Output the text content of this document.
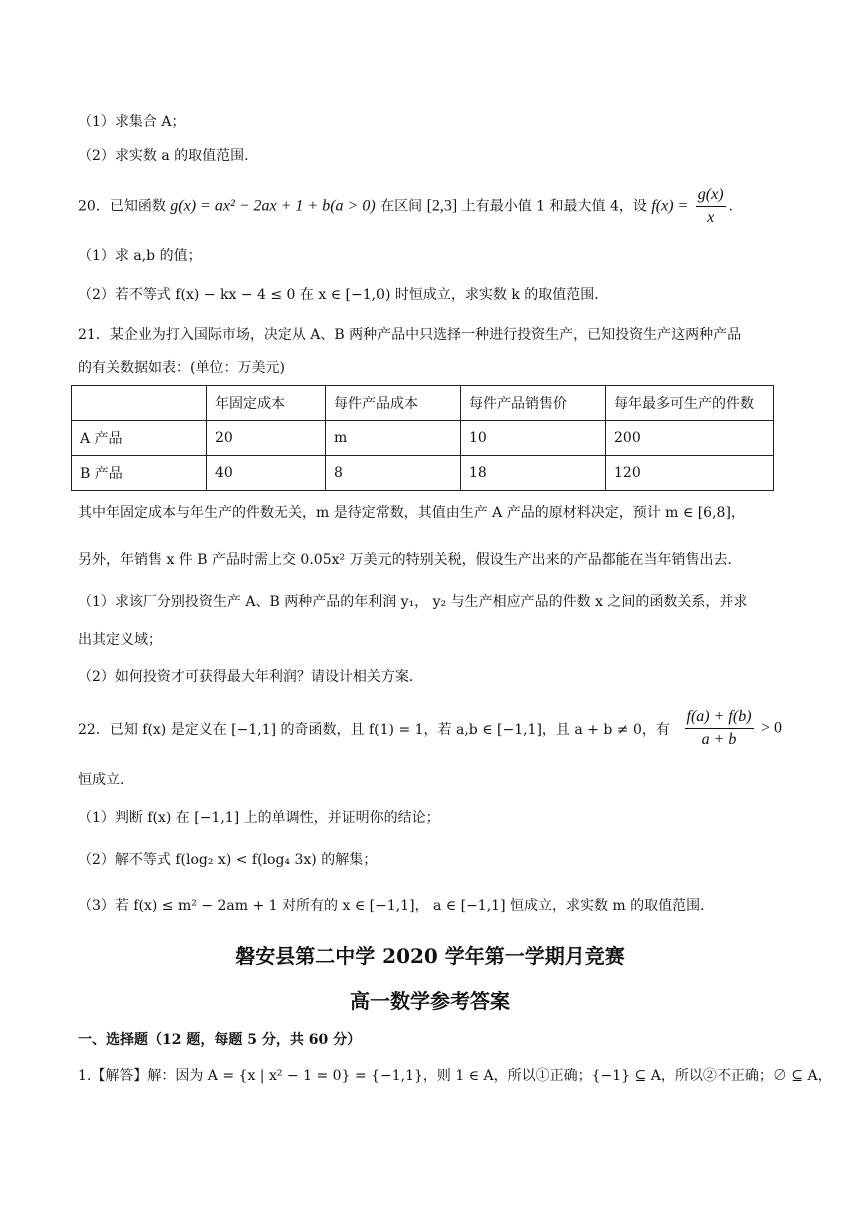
（1）求集合 A；
（2）求实数 a 的取值范围．
20．已知函数 g(x) = ax² − 2ax + 1 + b(a > 0) 在区间 [2,3] 上有最小值 1 和最大值 4，设 $f(x) = \frac{g(x)}{x}$ .
（1）求 a,b 的值；
（2）若不等式 f(x) − kx − 4 ≤ 0 在 x ∈ [−1,0) 时恒成立，求实数 k 的取值范围．
21．某企业为打入国际市场，决定从 A、B 两种产品中只选择一种进行投资生产，已知投资生产这两种产品
的有关数据如表：(单位：万美元)
	年固定成本	每件产品成本	每件产品销售价	每年最多可生产的件数
A 产品	20	m	10	200
B 产品	40	8	18	120
其中年固定成本与年生产的件数无关，m 是待定常数，其值由生产 A 产品的原材料决定，预计 m ∈ [6,8]，
另外，年销售 x 件 B 产品时需上交 0.05x² 万美元的特别关税，假设生产出来的产品都能在当年销售出去．
（1）求该厂分别投资生产 A、B 两种产品的年利润 y₁， y₂ 与生产相应产品的件数 x 之间的函数关系，并求
出其定义域；
（2）如何投资才可获得最大年利润？请设计相关方案．
22．已知 f(x) 是定义在 [−1,1] 的奇函数，且 f(1) = 1，若 a,b ∈ [−1,1]，且 a + b ≠ 0，有 $\frac{f(a) + f(b)}{a + b} > 0$
恒成立．
（1）判断 f(x) 在 [−1,1] 上的单调性，并证明你的结论；
（2）解不等式 f(log₂ x) < f(log₄ 3x) 的解集；
（3）若 f(x) ≤ m² − 2am + 1 对所有的 x ∈ [−1,1]， a ∈ [−1,1] 恒成立，求实数 m 的取值范围．
磐安县第二中学 2020 学年第一学期月竞赛
高一数学参考答案
一、选择题（12 题，每题 5 分，共 60 分）
1.【解答】解：因为 A = {x | x² − 1 = 0} = {−1,1}，则 1 ∈ A，所以①正确；{−1} ⊆ A，所以②不正确；∅ ⊆ A，
